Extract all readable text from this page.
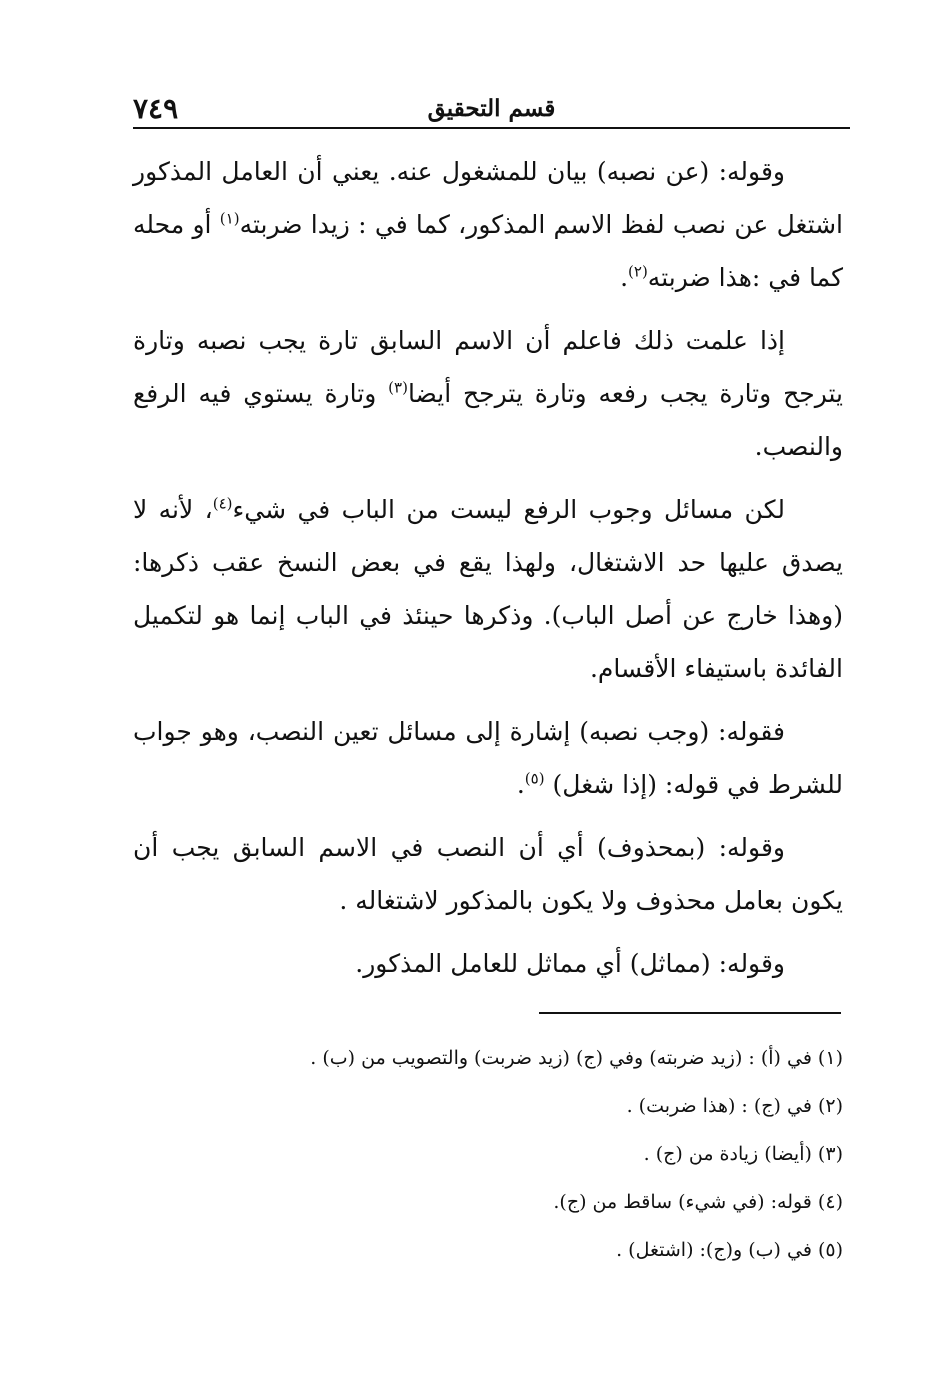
٧٤٩	قسم التحقيق

وقوله: (عن نصبه) بيان للمشغول عنه. يعني أن العامل المذكور اشتغل عن نصب لفظ الاسم المذكور، كما في : زيدا ضربته$^{(١)}$ أو محله كما في :هذا ضربته$^{(٢)}$.

إذا علمت ذلك فاعلم أن الاسم السابق تارة يجب نصبه وتارة يترجح وتارة يجب رفعه وتارة يترجح أيضا$^{(٣)}$ وتارة يستوي فيه الرفع والنصب.

لكن مسائل وجوب الرفع ليست من الباب في شيء$^{(٤)}$، لأنه لا يصدق عليها حد الاشتغال، ولهذا يقع في بعض النسخ عقب ذكرها: (وهذا خارج عن أصل الباب). وذكرها حينئذ في الباب إنما هو لتكميل الفائدة باستيفاء الأقسام.

فقوله: (وجب نصبه) إشارة إلى مسائل تعين النصب، وهو جواب للشرط في قوله: (إذا شغل) $^{(٥)}$.

وقوله: (بمحذوف) أي أن النصب في الاسم السابق يجب أن يكون بعامل محذوف ولا يكون بالمذكور لاشتغاله .

وقوله: (مماثل) أي مماثل للعامل المذكور.

(١) في (أ) : (زيد ضربته) وفي (ج) (زيد ضربت) والتصويب من (ب) .
(٢) في (ج) : (هذا ضربت) .
(٣) (أيضا) زيادة من (ج) .
(٤) قوله: (في شيء) ساقط من (ج).
(٥) في (ب) و(ج): (اشتغل) .
